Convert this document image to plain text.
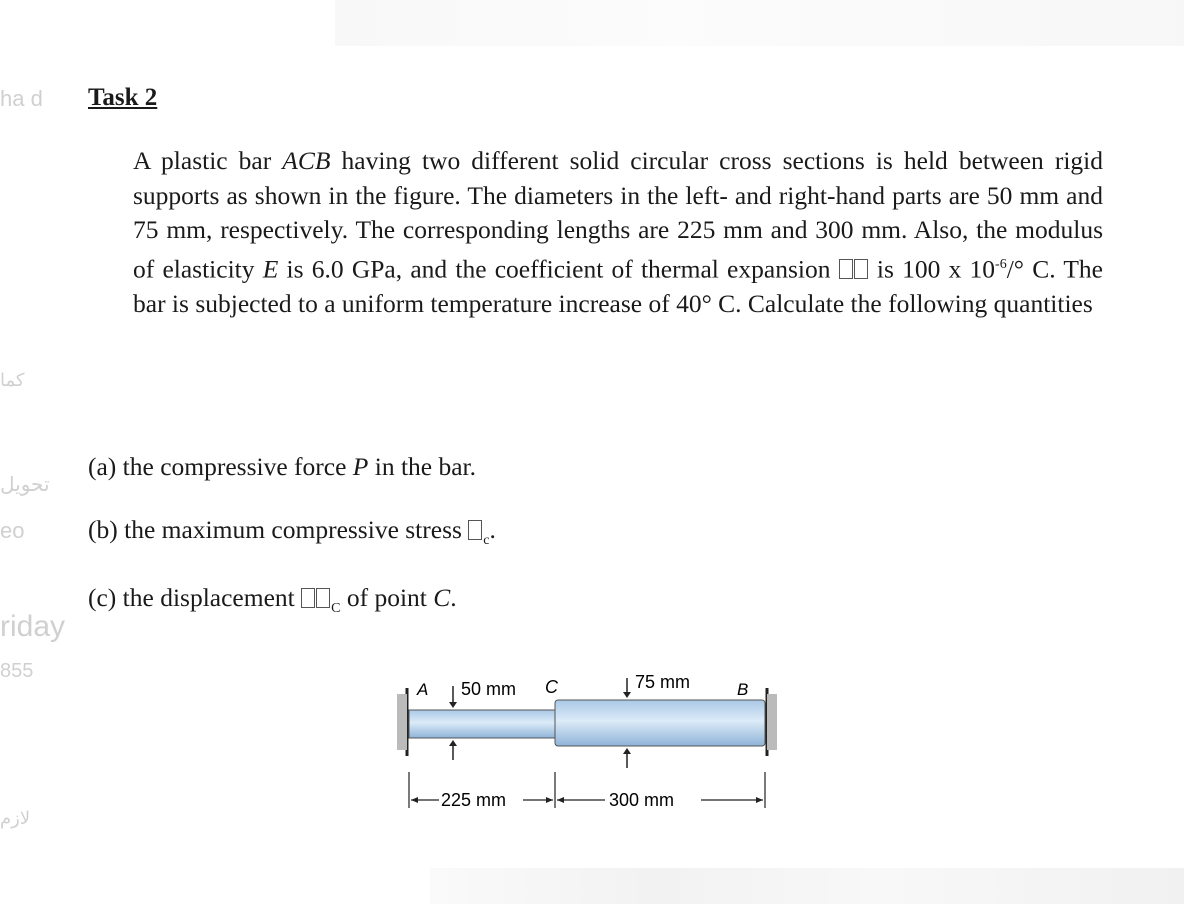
ha d
كما
تحويل
eo
riday
855
لازم
Task 2

A plastic bar ACB having two different solid circular cross sections is held between rigid supports as shown in the figure. The diameters in the left- and right-hand parts are 50 mm and 75 mm, respectively. The corresponding lengths are 225 mm and 300 mm. Also, the modulus of elasticity E is 6.0 GPa, and the coefficient of thermal expansion  is 100 x $10^{-6}/^\circ$ C. The bar is subjected to a uniform temperature increase of 40° C. Calculate the following quantities

(a) the compressive force P in the bar.

(b) the maximum compressive stress $_c$.

(c) the displacement $_C$ of point C.

A 50 mm C	75 mm	B
225 mm	300 mm
